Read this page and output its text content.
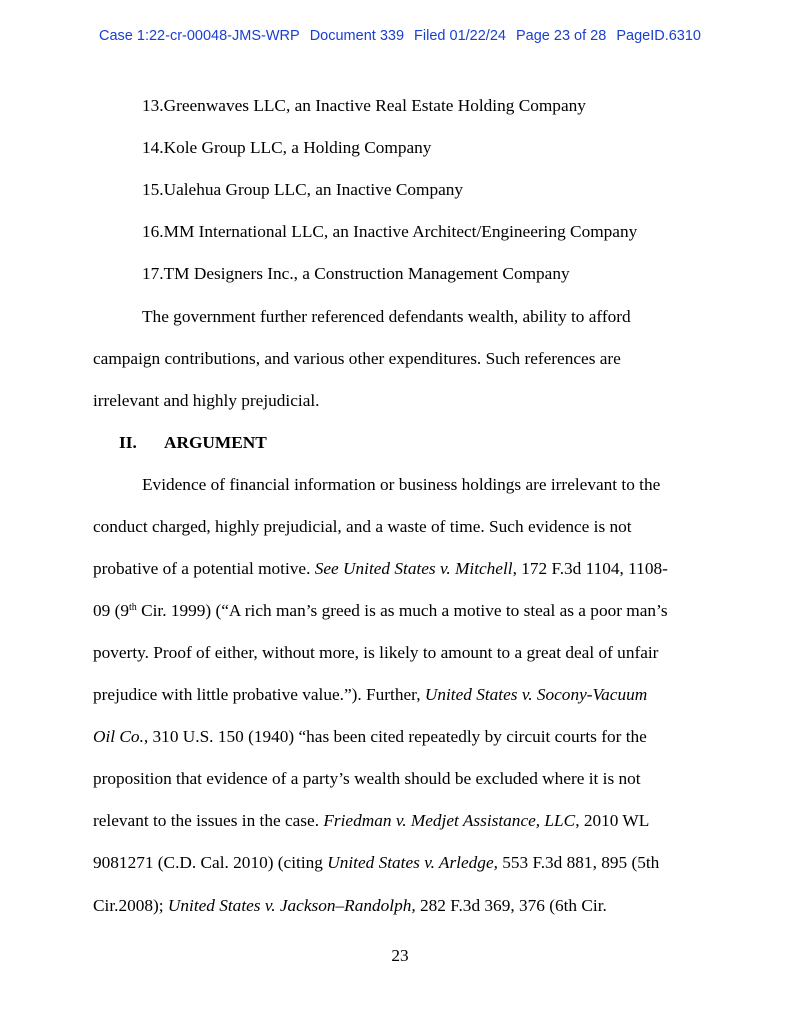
Case 1:22-cr-00048-JMS-WRP Document 339 Filed 01/22/24 Page 23 of 28 PageID.6310
13.Greenwaves LLC, an Inactive Real Estate Holding Company
14.Kole Group LLC, a Holding Company
15.Ualehua Group LLC, an Inactive Company
16.MM International LLC, an Inactive Architect/Engineering Company
17.TM Designers Inc., a Construction Management Company
The government further referenced defendants wealth, ability to afford
campaign contributions, and various other expenditures. Such references are
irrelevant and highly prejudicial.
II. ARGUMENT
Evidence of financial information or business holdings are irrelevant to the
conduct charged, highly prejudicial, and a waste of time. Such evidence is not
probative of a potential motive. See United States v. Mitchell, 172 F.3d 1104, 1108-
09 (9th Cir. 1999) (“A rich man’s greed is as much a motive to steal as a poor man’s
poverty. Proof of either, without more, is likely to amount to a great deal of unfair
prejudice with little probative value.”). Further, United States v. Socony-Vacuum
Oil Co., 310 U.S. 150 (1940) “has been cited repeatedly by circuit courts for the
proposition that evidence of a party’s wealth should be excluded where it is not
relevant to the issues in the case. Friedman v. Medjet Assistance, LLC, 2010 WL
9081271 (C.D. Cal. 2010) (citing United States v. Arledge, 553 F.3d 881, 895 (5th
Cir.2008); United States v. Jackson–Randolph, 282 F.3d 369, 376 (6th Cir.
23
